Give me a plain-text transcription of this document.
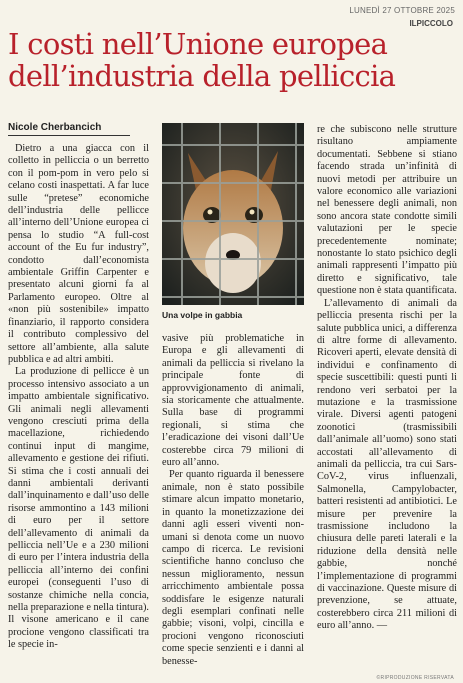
LUNEDÌ 27 OTTOBRE 2025
ILPICCOLO
I costi nell’Unione europea
dell’industria della pelliccia
Nicole Cherbancich

Dietro a una giacca con il colletto in pelliccia o un berretto con il pom-pom in vero pelo si celano costi inaspettati. A far luce sulle “pretese” economiche dell’industria delle pellicce all’interno dell’Unione europea ci pensa lo studio “A full-cost account of the Eu fur industry”, condotto dall’economista ambientale Griffin Carpenter e presentato alcuni giorni fa al Parlamento europeo. Oltre al «non più sostenibile» impatto finanziario, il rapporto considera il contributo complessivo del settore all’ambiente, alla salute pubblica e ad altri ambiti.

La produzione di pellicce è un processo intensivo associato a un impatto ambientale significativo. Gli animali negli allevamenti vengono cresciuti prima della macellazione, richiedendo continui input di mangime, allevamento e gestione dei rifiuti. Si stima che i costi annuali dei danni ambientali derivanti dall’inquinamento e dall’uso delle risorse ammontino a 143 milioni di euro per il settore dell’allevamento di animali da pelliccia nell’Ue e a 230 milioni di euro per l’intera industria della pelliccia all’interno dei confini europei (conseguenti l’uso di sostanze chimiche nella concia, nella preparazione e nella tintura). Il visone americano e il cane procione vengono classificati tra le specie in-

Una volpe in gabbia

vasive più problematiche in Europa e gli allevamenti di animali da pelliccia si rivelano la principale fonte di approvvigionamento di animali, sia storicamente che attualmente. Sulla base di programmi regionali, si stima che l’eradicazione dei visoni dall’Ue costerebbe circa 79 milioni di euro all’anno.

Per quanto riguarda il benessere animale, non è stato possibile stimare alcun impatto monetario, in quanto la monetizzazione dei danni agli esseri viventi non-umani si denota come un nuovo campo di ricerca. Le revisioni scientifiche hanno concluso che nessun miglioramento, nessun arricchimento ambientale possa soddisfare le esigenze naturali degli esemplari confinati nelle gabbie; visoni, volpi, cincilla e procioni vengono riconosciuti come specie senzienti e i danni al benesse-

re che subiscono nelle strutture risultano ampiamente documentati. Sebbene si stiano facendo strada un’infinità di nuovi metodi per attribuire un valore economico alle variazioni nel benessere degli animali, non sono ancora state condotte simili valutazioni per le specie precedentemente nominate; nonostante lo stato psichico degli animali rappresenti l’impatto più diretto e significativo, tale questione non è stata quantificata.

L’allevamento di animali da pelliccia presenta rischi per la salute pubblica unici, a differenza di altre forme di allevamento. Ricoveri aperti, elevate densità di individui e confinamento di specie suscettibili: questi punti li rendono veri serbatoi per la mutazione e la trasmissione virale. Diversi agenti patogeni zoonotici (trasmissibili dall’animale all’uomo) sono stati accostati all’allevamento di animali da pelliccia, tra cui Sars-CoV-2, virus influenzali, Salmonella, Campylobacter, batteri resistenti ad antibiotici. Le misure per prevenire la trasmissione includono la chiusura delle pareti laterali e la riduzione della densità nelle gabbie, nonché l’implementazione di programmi di vaccinazione. Queste misure di prevenzione, se attuate, costerebbero circa 211 milioni di euro all’anno. —

©RIPRODUZIONE RISERVATA
